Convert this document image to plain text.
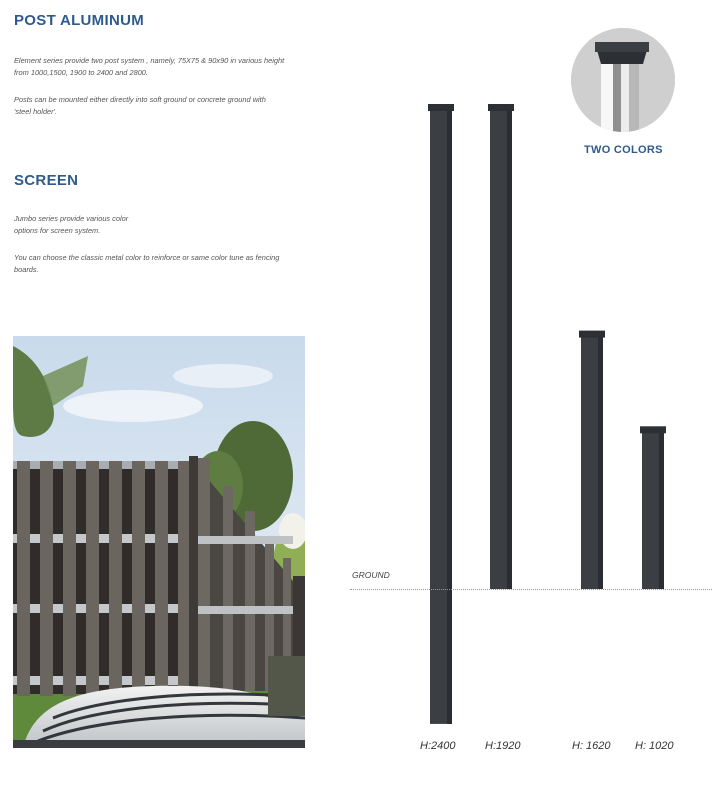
POST ALUMINUM

Element series provide two post system , namely, 75X75 & 90x90 in various height
from 1000,1500, 1900 to 2400 and 2800.

Posts can be mounted either directly into soft ground or concrete ground with
'steel holder'.

SCREEN

Jumbo series provide various color
options for screen system.

You can choose the classic metal color to reinforce or same color tune as fencing
boards.

GROUND
H:2400	H:1920	H: 1620 H: 1020
TWO COLORS
